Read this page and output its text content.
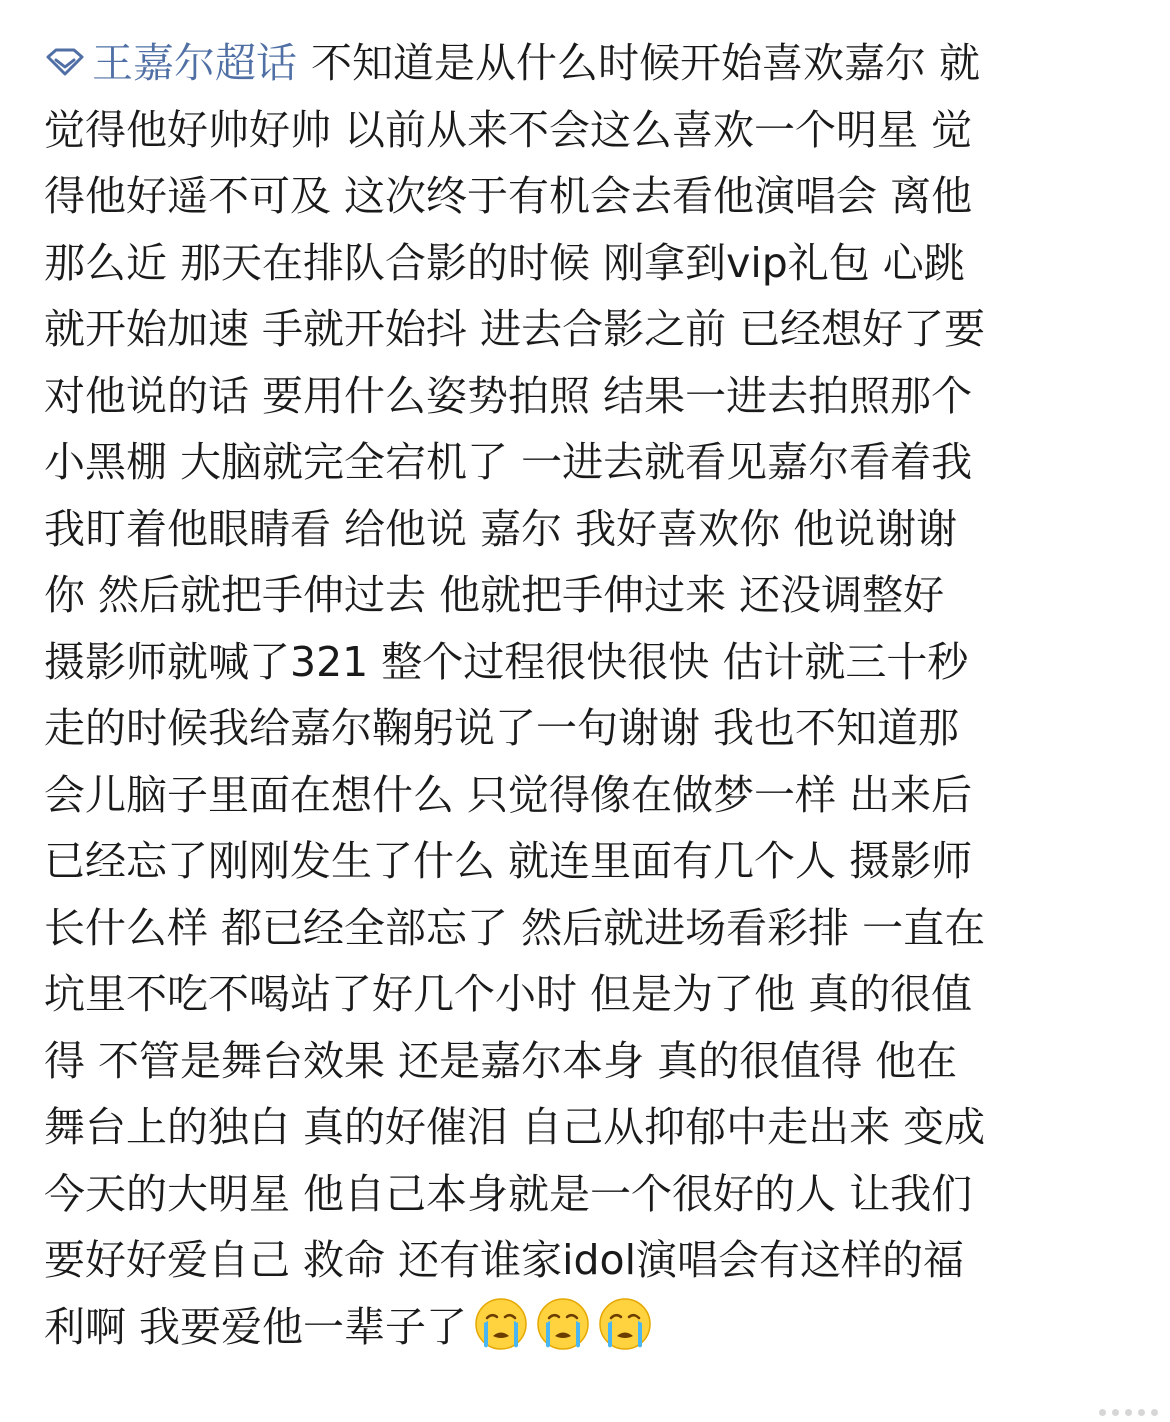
王嘉尔超话 不知道是从什么时候开始喜欢嘉尔 就
觉得他好帅好帅 以前从来不会这么喜欢一个明星 觉
得他好遥不可及 这次终于有机会去看他演唱会 离他
那么近 那天在排队合影的时候 刚拿到vip礼包 心跳
就开始加速 手就开始抖 进去合影之前 已经想好了要
对他说的话 要用什么姿势拍照 结果一进去拍照那个
小黑棚 大脑就完全宕机了 一进去就看见嘉尔看着我
我盯着他眼睛看 给他说 嘉尔 我好喜欢你 他说谢谢
你 然后就把手伸过去 他就把手伸过来 还没调整好
摄影师就喊了321 整个过程很快很快 估计就三十秒
走的时候我给嘉尔鞠躬说了一句谢谢 我也不知道那
会儿脑子里面在想什么 只觉得像在做梦一样 出来后
已经忘了刚刚发生了什么 就连里面有几个人 摄影师
长什么样 都已经全部忘了 然后就进场看彩排 一直在
坑里不吃不喝站了好几个小时 但是为了他 真的很值
得 不管是舞台效果 还是嘉尔本身 真的很值得 他在
舞台上的独白 真的好催泪 自己从抑郁中走出来 变成
今天的大明星 他自己本身就是一个很好的人 让我们
要好好爱自己 救命 还有谁家idol演唱会有这样的福
利啊 我要爱他一辈子了
